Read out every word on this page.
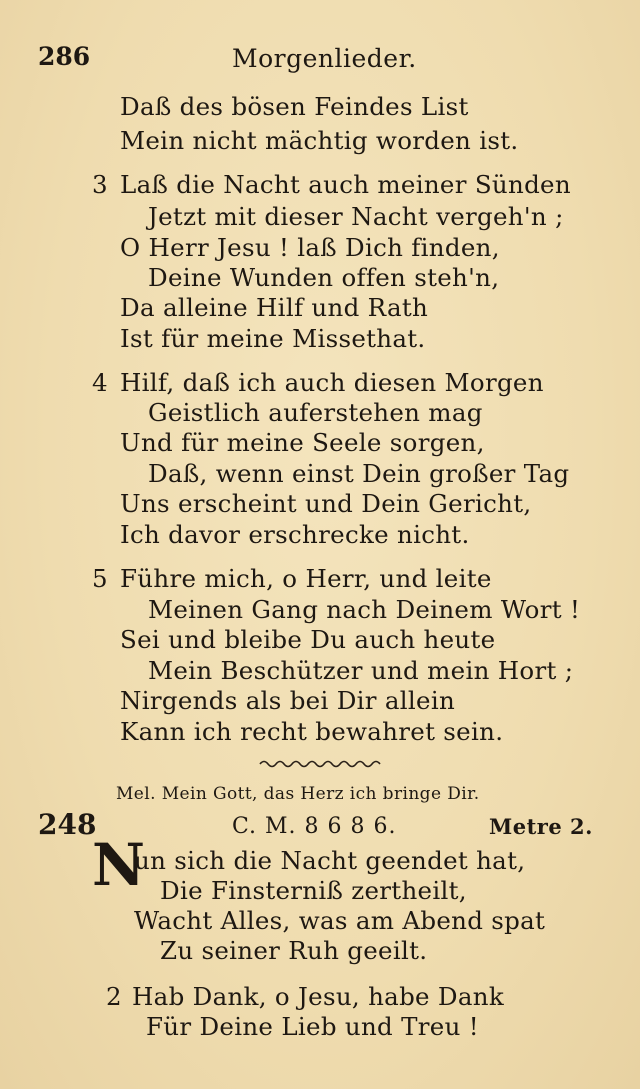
286	Morgenlieder.
Daß des bösen Feindes List
Mein nicht mächtig worden ist.
3 Laß die Nacht auch meiner Sünden
Jetzt mit dieser Nacht vergeh'n ;
O Herr Jesu ! laß Dich finden,
Deine Wunden offen steh'n,
Da alleine Hilf und Rath
Ist für meine Missethat.
4 Hilf, daß ich auch diesen Morgen
Geistlich auferstehen mag
Und für meine Seele sorgen,
Daß, wenn einst Dein großer Tag
Uns erscheint und Dein Gericht,
Ich davor erschrecke nicht.
5 Führe mich, o Herr, und leite
Meinen Gang nach Deinem Wort !
Sei und bleibe Du auch heute
Mein Beschützer und mein Hort ;
Nirgends als bei Dir allein
Kann ich recht bewahret sein.
Mel. Mein Gott, das Herz ich bringe Dir.
248	C. M. 8 6 8 6.	Metre 2.
N
un sich die Nacht geendet hat,
Die Finsterniß zertheilt,
Wacht Alles, was am Abend spat
Zu seiner Ruh geeilt.
2 Hab Dank, o Jesu, habe Dank
Für Deine Lieb und Treu !
